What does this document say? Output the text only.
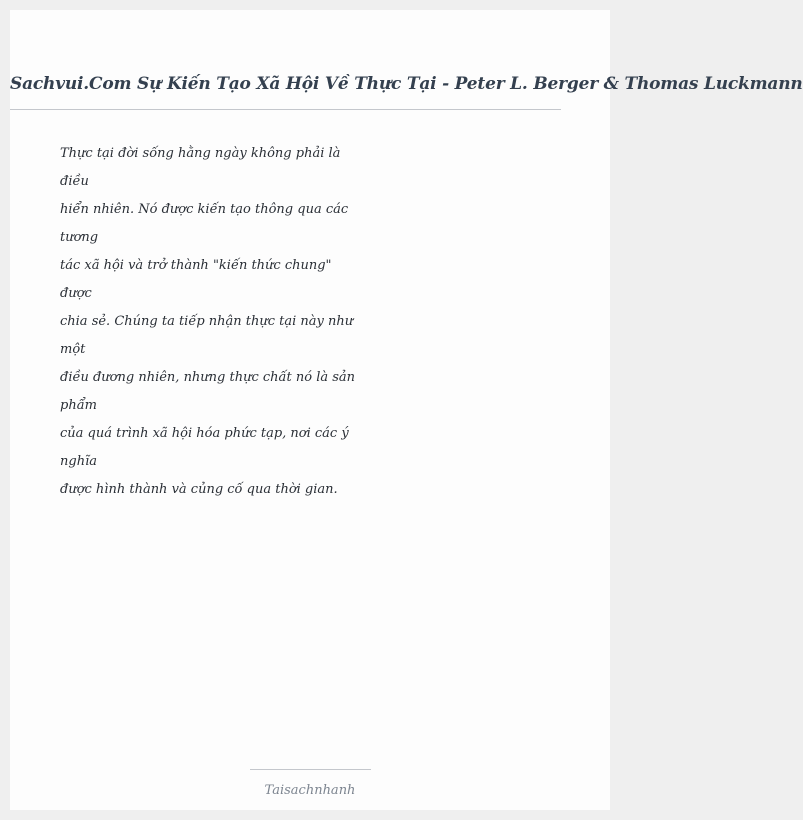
Sachvui.Com Sự Kiến Tạo Xã Hội Về Thực Tại - Peter L. Berger & Thomas Luckmann
Thực tại đời sống hằng ngày không phải là
điều
hiển nhiên. Nó được kiến tạo thông qua các
tương
tác xã hội và trở thành "kiến thức chung"
được
chia sẻ. Chúng ta tiếp nhận thực tại này như
một
điều đương nhiên, nhưng thực chất nó là sản
phẩm
của quá trình xã hội hóa phức tạp, nơi các ý
nghĩa
được hình thành và củng cố qua thời gian.
Taisachnhanh
